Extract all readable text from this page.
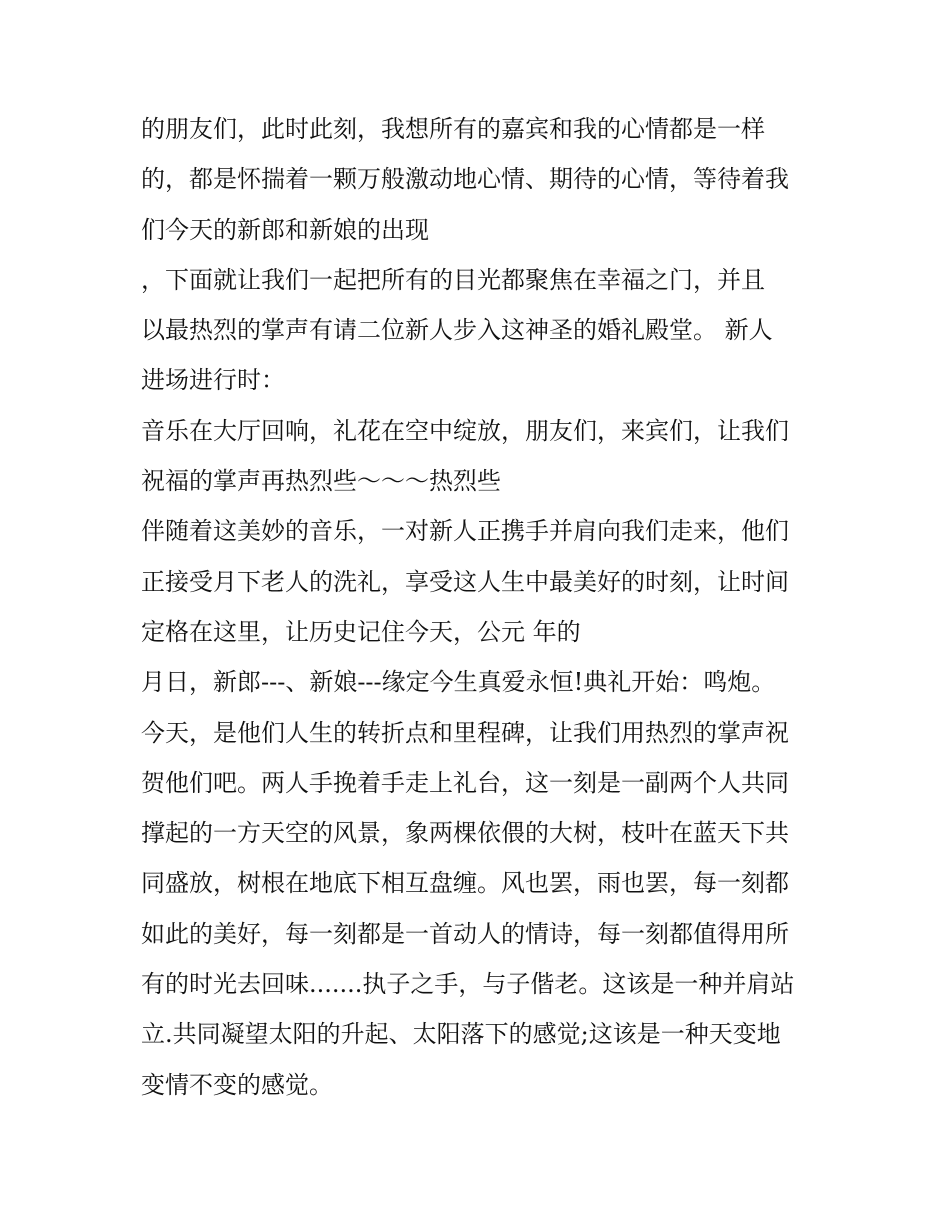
的朋友们，此时此刻，我想所有的嘉宾和我的心情都是一样
的，都是怀揣着一颗万般激动地心情、期待的心情，等待着我
们今天的新郎和新娘的出现
，下面就让我们一起把所有的目光都聚焦在幸福之门，并且
以最热烈的掌声有请二位新人步入这神圣的婚礼殿堂。 新人
进场进行时：
音乐在大厅回响，礼花在空中绽放，朋友们，来宾们，让我们
祝福的掌声再热烈些～～～热烈些
伴随着这美妙的音乐，一对新人正携手并肩向我们走来，他们
正接受月下老人的洗礼，享受这人生中最美好的时刻，让时间
定格在这里，让历史记住今天，公元 年的
月日，新郎---、新娘---缘定今生真爱永恒!典礼开始：鸣炮。
今天，是他们人生的转折点和里程碑，让我们用热烈的掌声祝
贺他们吧。两人手挽着手走上礼台，这一刻是一副两个人共同
撑起的一方天空的风景，象两棵依偎的大树，枝叶在蓝天下共
同盛放，树根在地底下相互盘缠。风也罢，雨也罢，每一刻都
如此的美好，每一刻都是一首动人的情诗，每一刻都值得用所
有的时光去回味.......执子之手，与子偕老。这该是一种并肩站
立.共同凝望太阳的升起、太阳落下的感觉;这该是一种天变地
变情不变的感觉。
